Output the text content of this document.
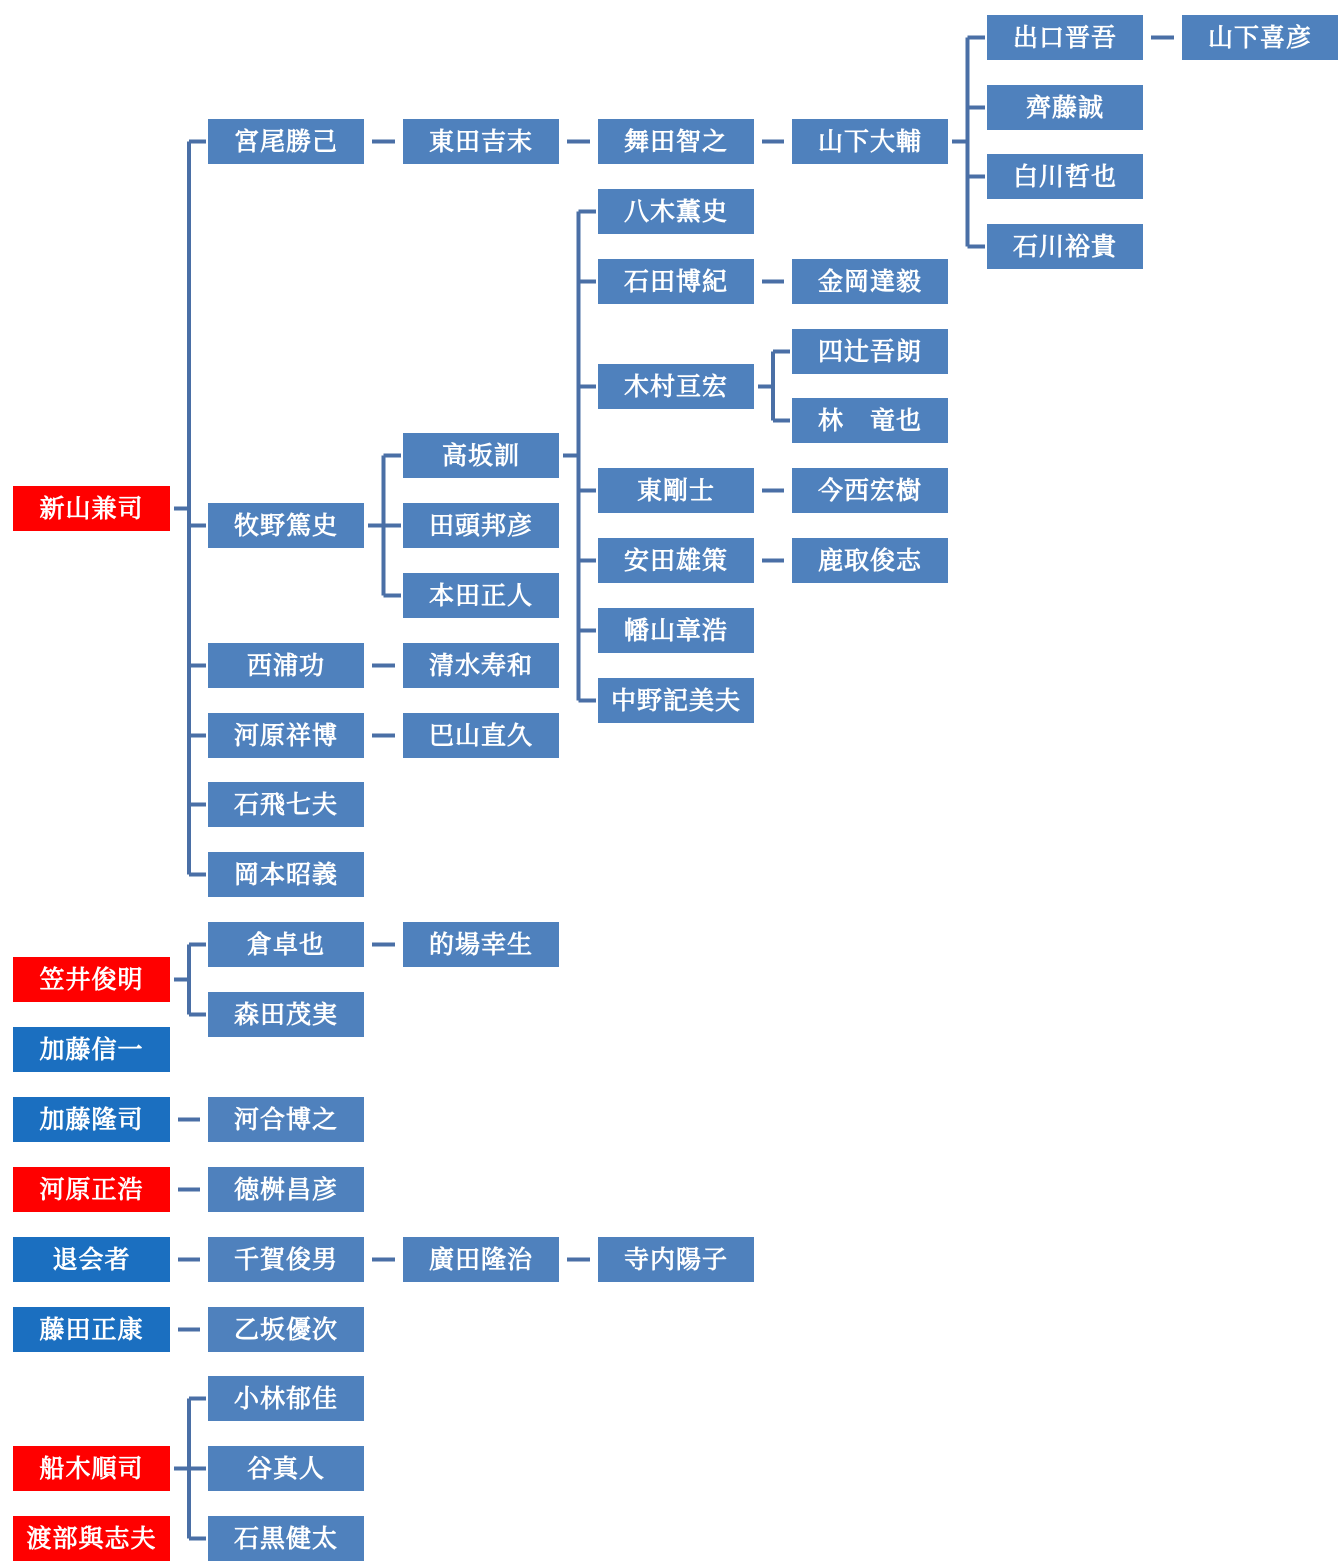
新山兼司
笠井俊明
加藤信一
加藤隆司
河原正浩
退会者
藤田正康
船木順司
渡部與志夫
宮尾勝己
牧野篤史
西浦功
河原祥博
石飛七夫
岡本昭義
倉卓也
森田茂実
河合博之
徳桝昌彦
千賀俊男
乙坂優次
小林郁佳
谷真人
石黒健太
東田吉末
高坂訓
田頭邦彦
本田正人
清水寿和
巴山直久
的場幸生
廣田隆治
舞田智之
八木薫史
石田博紀
木村亘宏
東剛士
安田雄策
幡山章浩
中野記美夫
寺内陽子
山下大輔
金岡達毅
四辻吾朗
林　竜也
今西宏樹
鹿取俊志
出口晋吾
齊藤誠
白川哲也
石川裕貴
山下喜彦
